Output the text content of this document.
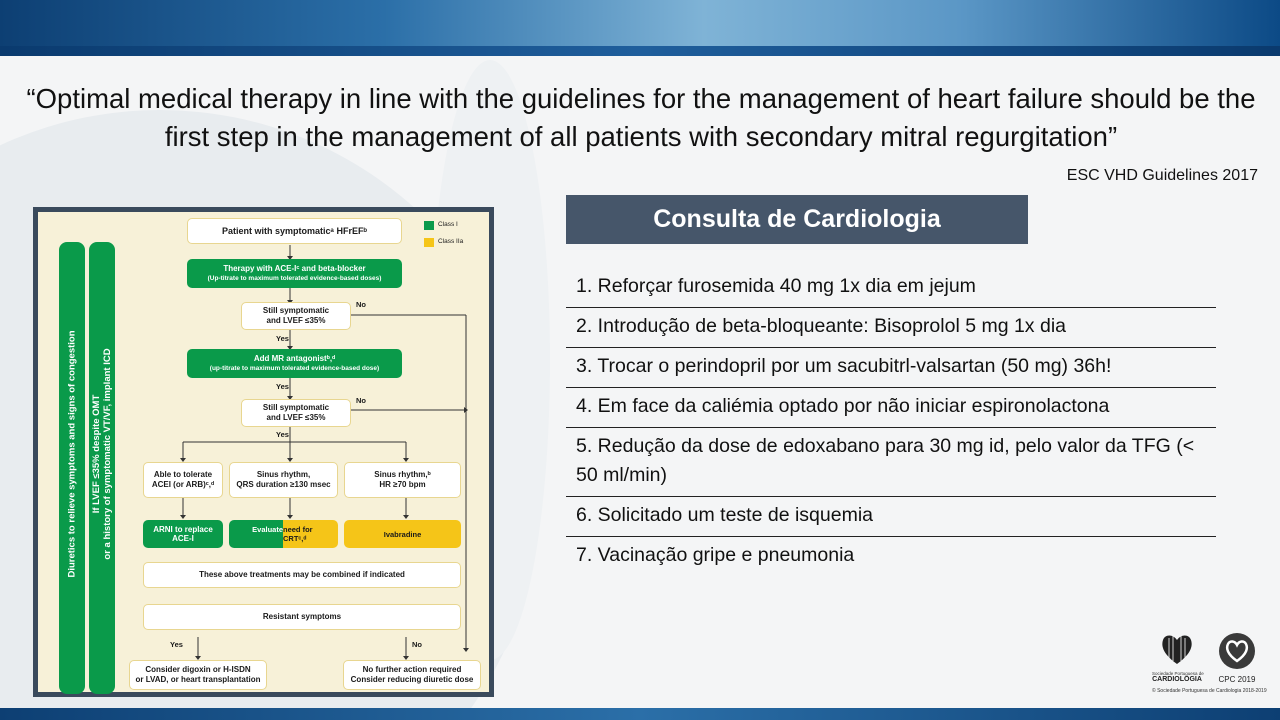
“Optimal medical therapy in line with the guidelines for the management of heart failure should be the first step in the management of all patients with secondary mitral regurgitation”
ESC VHD Guidelines 2017
Diuretics to relieve symptoms and signs of congestion If LVEF ≤35% despite OMT or a history of symptomatic VT/VF, implant ICD
Patient with symptomaticᵃ HFrEFᵇ
Class I
Class IIa
Therapy with ACE-Iᶜ and beta-blocker
(Up-titrate to maximum tolerated evidence-based doses)
Still symptomatic
and LVEF ≤35%
No
Yes
Add MR antagonistᵇ,ᵈ
(up-titrate to maximum tolerated evidence-based dose)
Yes
Still symptomatic
and LVEF ≤35%
No
Yes
Able to tolerate
ACEI (or ARB)ᶜ,ᵈ
Sinus rhythm,
QRS duration ≥130 msec
Sinus rhythm,ᵇ
HR ≥70 bpm
ARNI to replace
ACE-I
Evaluate
need for
CRTᶜ,ᵈ	Ivabradine
These above treatments may be combined if indicated
Resistant symptoms
Yes	No
Consider digoxin or H-ISDN
or LVAD, or heart transplantation
No further action required
Consider reducing diuretic dose
Consulta de Cardiologia
1. Reforçar furosemida 40 mg 1x dia em jejum
2. Introdução de beta-bloqueante: Bisoprolol 5 mg 1x dia
3. Trocar o perindopril por um sacubitrl-valsartan (50 mg) 36h!
4. Em face da caliémia optado por não iniciar espironolactona
5. Redução da dose de edoxabano para 30 mg id, pelo valor da TFG (< 50 ml/min)
6. Solicitado um teste de isquemia
7. Vacinação gripe e pneumonia
Sociedade Portuguesa de
CARDIOLOGIA	CPC 2019
© Sociedade Portuguesa de Cardiologia 2018-2019
